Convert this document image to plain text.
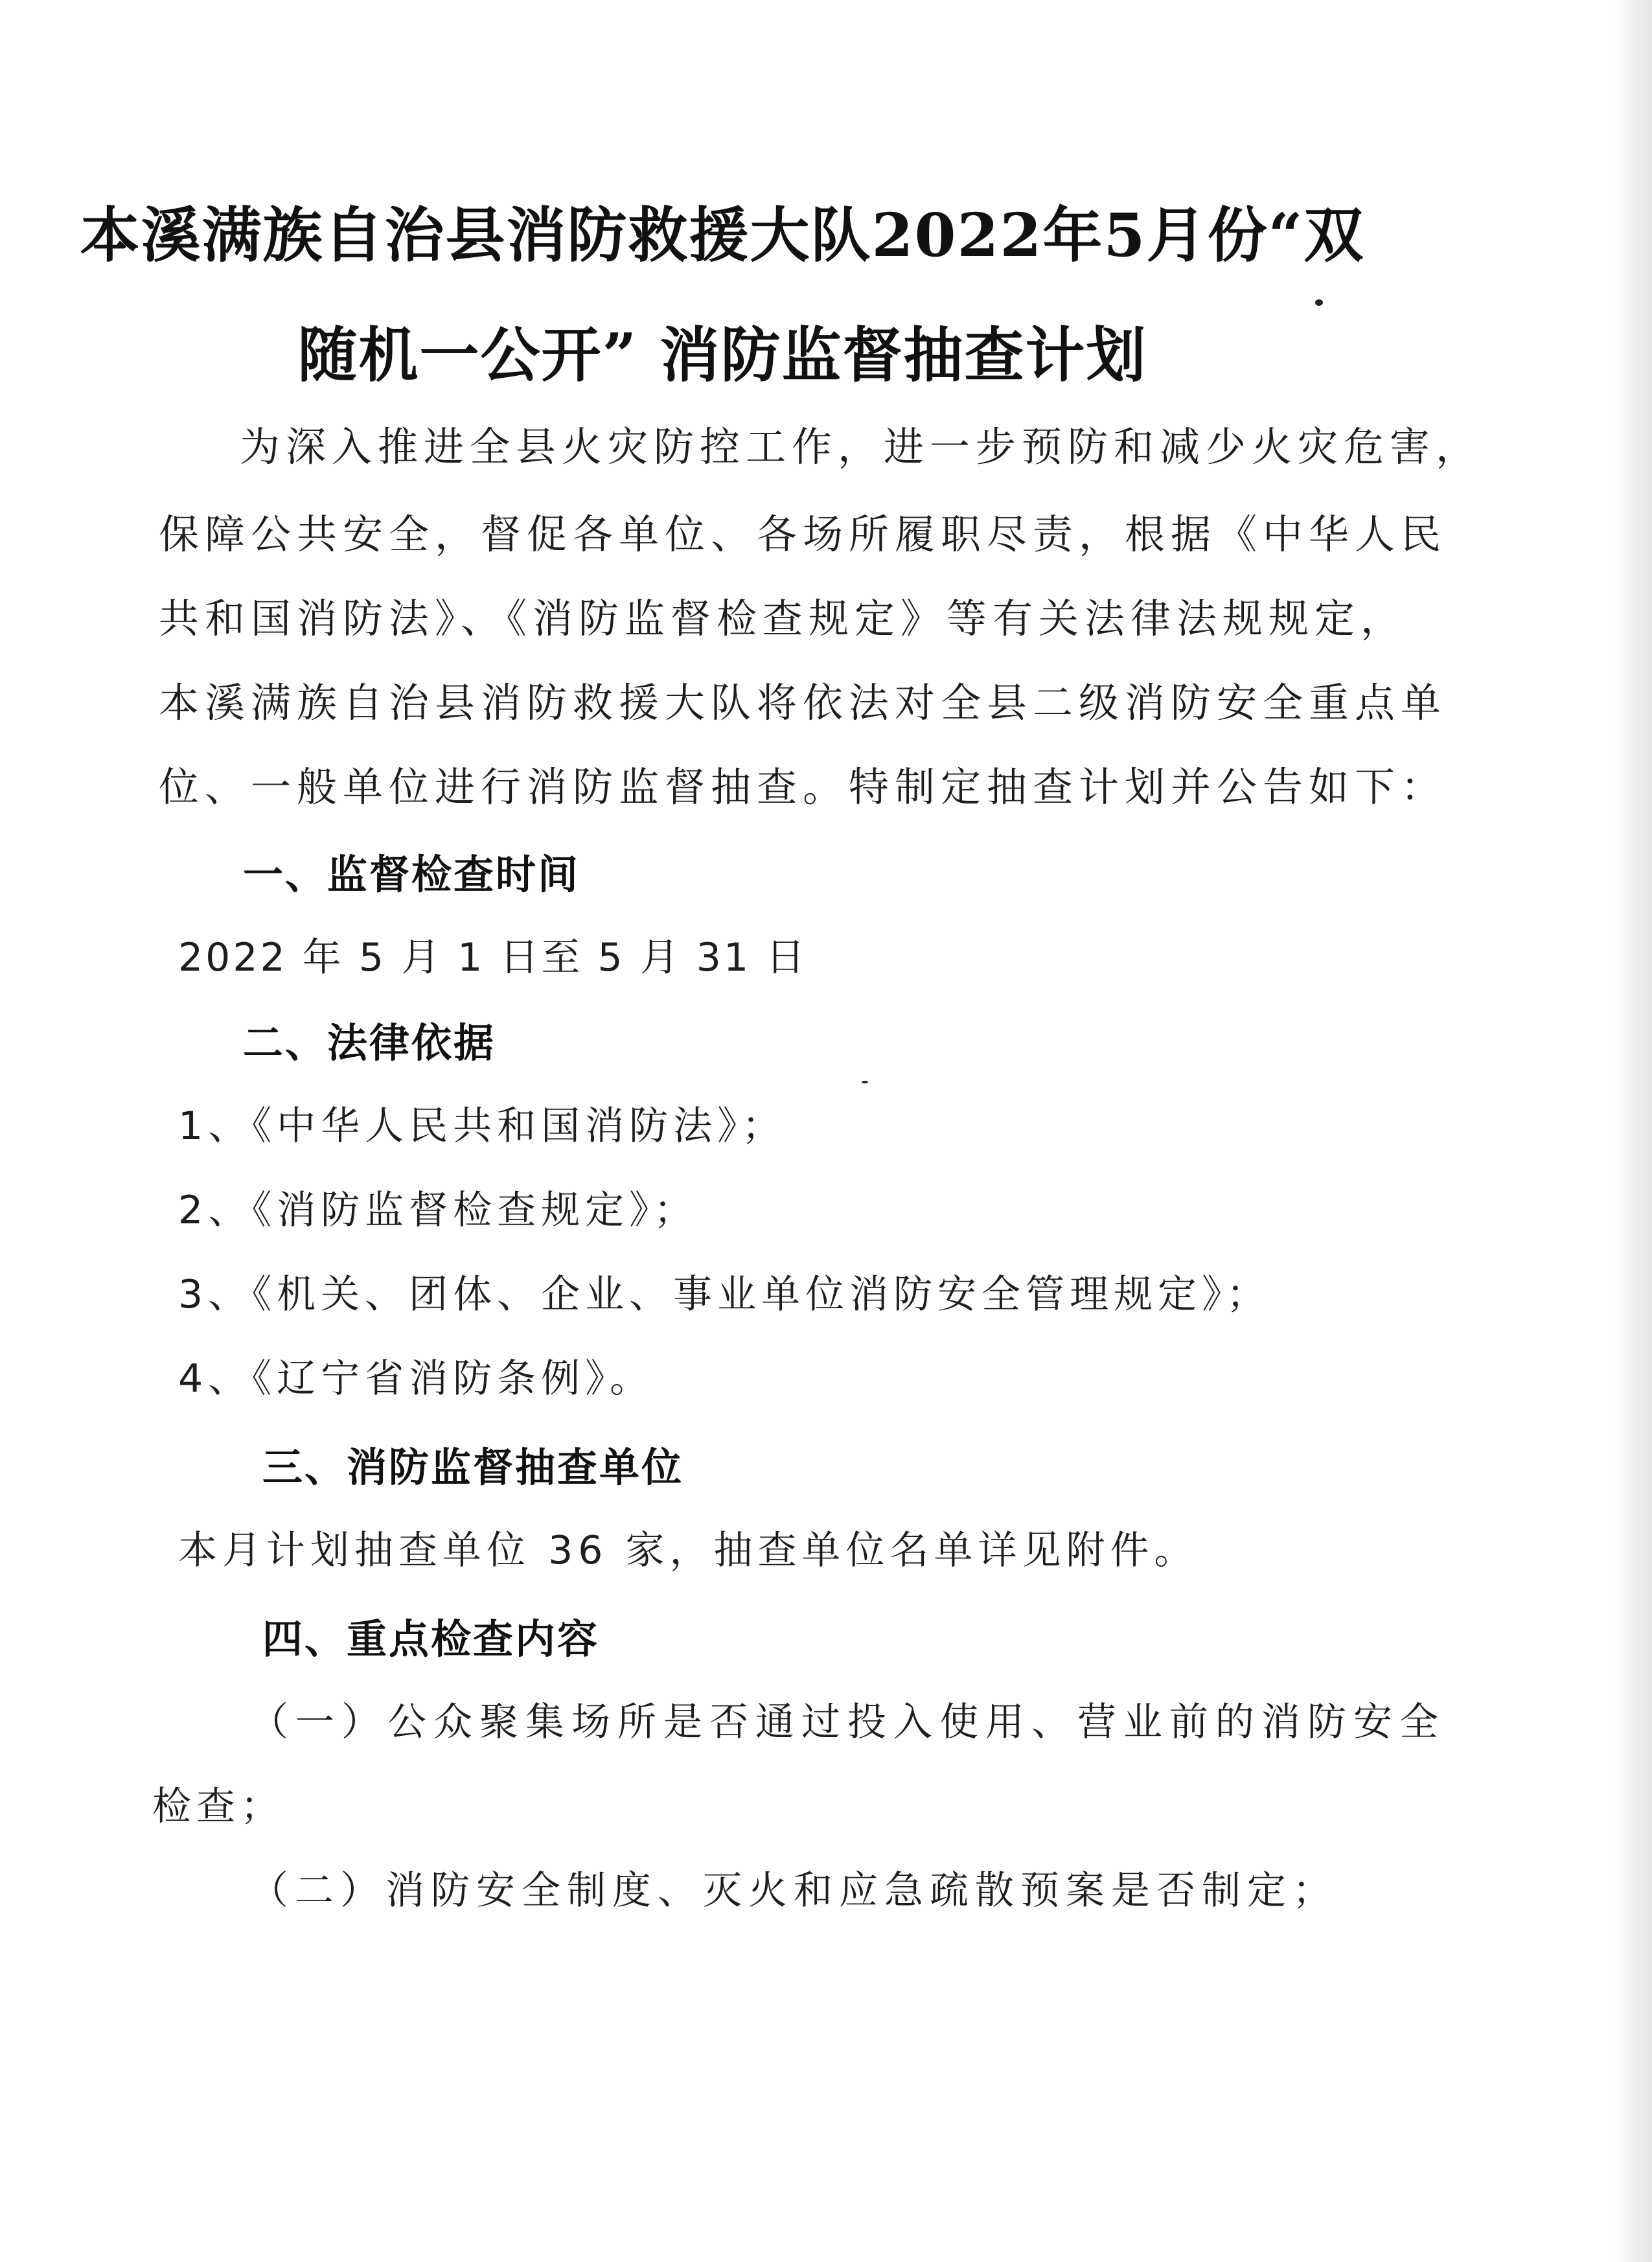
本溪满族自治县消防救援大队2022年5月份“双
随机一公开” 消防监督抽查计划
为深入推进全县火灾防控工作，进一步预防和减少火灾危害，
保障公共安全，督促各单位、各场所履职尽责，根据《中华人民
共和国消防法》、《消防监督检查规定》等有关法律法规规定，
本溪满族自治县消防救援大队将依法对全县二级消防安全重点单
位、一般单位进行消防监督抽查。特制定抽查计划并公告如下：
一、监督检查时间
2022 年 5 月 1 日至 5 月 31 日
二、法律依据
1、《中华人民共和国消防法》；
2、《消防监督检查规定》；
3、《机关、团体、企业、事业单位消防安全管理规定》；
4、《辽宁省消防条例》。
三、消防监督抽查单位
本月计划抽查单位 36 家，抽查单位名单详见附件。
四、重点检查内容
（一）公众聚集场所是否通过投入使用、营业前的消防安全
检查；
（二）消防安全制度、灭火和应急疏散预案是否制定；
